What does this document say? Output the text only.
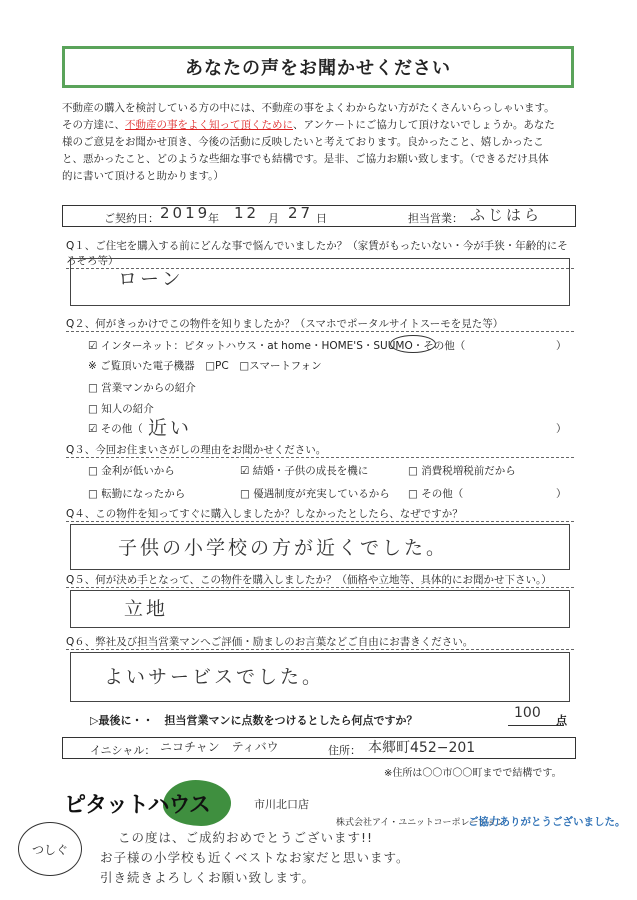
あなたの声をお聞かせください
不動産の購入を検討している方の中には、不動産の事をよくわからない方がたくさんいらっしゃいます。
その方達に、不動産の事をよく知って頂くために、アンケートにご協力して頂けないでしょうか。あなた
様のご意見をお聞かせ頂き、今後の活動に反映したいと考えております。良かったこと、嬉しかったこ
と、悪かったこと、どのような些細な事でも結構です。是非、ご協力お願い致します。（できるだけ具体
的に書いて頂けると助かります。）
ご契約日： 2019
年 12 月 27 日	担当営業： ふじはら
Q１、ご住宅を購入する前にどんな事で悩んでいましたか？（家賃がもったいない・今が手狭・年齢的にそろそろ等）
ローン
Q２、何がきっかけでこの物件を知りましたか？（スマホでポータルサイトスーモを見た等）
☑ インターネット：ピタットハウス・at home・HOME'S・SUUMO・その他（	）
※ ご覧頂いた電子機器　 □PC　 □スマートフォン
□ 営業マンからの紹介
□ 知人の紹介
☑ その他（ 近い	）
Q３、今回お住まいさがしの理由をお聞かせください。
□ 金利が低いから	☑ 結婚・子供の成長を機に	□ 消費税増税前だから
□ 転勤になったから	□ 優遇制度が充実しているから □ その他（	）
Q４、この物件を知ってすぐに購入しましたか？しなかったとしたら、なぜですか？
子供の小学校の方が近くでした。
Q５、何が決め手となって、この物件を購入しましたか？（価格や立地等、具体的にお聞かせ下さい。）
立地
Q６、弊社及び担当営業マンへご評価・励ましのお言葉などご自由にお書きください。
よいサービスでした。
▷最後に・・　担当営業マンに点数をつけるとしたら何点ですか？	100 点
イニシャル： ニコチャン　ティバウ	住所： 本郷町452−201
※住所は〇〇市〇〇町までで結構です。
ピタットハウス	市川北口店
株式会社アイ・ユニットコーポレーション
ご協力ありがとうございました。
つしぐ
この度は、ご成約おめでとうございます!!
お子様の小学校も近くベストなお家だと思います。
引き続きよろしくお願い致します。
